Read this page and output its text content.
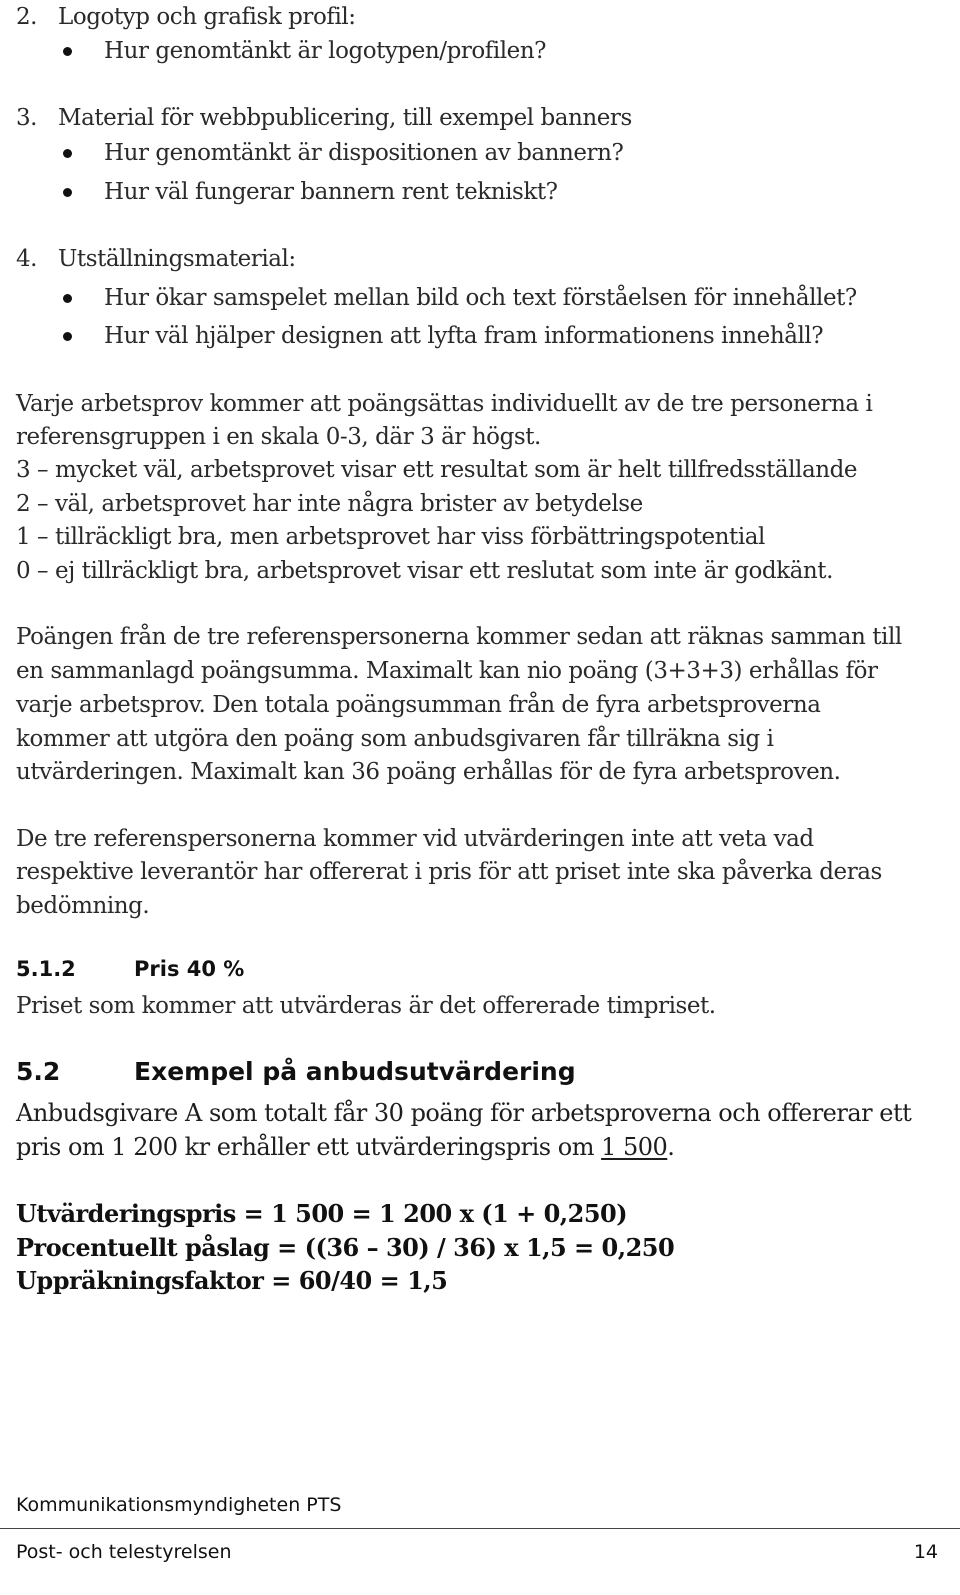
2. Logotyp och grafisk profil:
Hur genomtänkt är logotypen/profilen?
3. Material för webbpublicering, till exempel banners
Hur genomtänkt är dispositionen av bannern?
Hur väl fungerar bannern rent tekniskt?
4. Utställningsmaterial:
Hur ökar samspelet mellan bild och text förståelsen för innehållet?
Hur väl hjälper designen att lyfta fram informationens innehåll?
Varje arbetsprov kommer att poängsättas individuellt av de tre personerna i
referensgruppen i en skala 0-3, där 3 är högst.
3 – mycket väl, arbetsprovet visar ett resultat som är helt tillfredsställande
2 – väl, arbetsprovet har inte några brister av betydelse
1 – tillräckligt bra, men arbetsprovet har viss förbättringspotential
0 – ej tillräckligt bra, arbetsprovet visar ett reslutat som inte är godkänt.
Poängen från de tre referenspersonerna kommer sedan att räknas samman till
en sammanlagd poängsumma. Maximalt kan nio poäng (3+3+3) erhållas för
varje arbetsprov. Den totala poängsumman från de fyra arbetsproverna
kommer att utgöra den poäng som anbudsgivaren får tillräkna sig i
utvärderingen. Maximalt kan 36 poäng erhållas för de fyra arbetsproven.
De tre referenspersonerna kommer vid utvärderingen inte att veta vad
respektive leverantör har offererat i pris för att priset inte ska påverka deras
bedömning.
5.1.2	Pris 40 %
Priset som kommer att utvärderas är det offererade timpriset.
5.2	Exempel på anbudsutvärdering
Anbudsgivare A som totalt får 30 poäng för arbetsproverna och offererar ett
pris om 1 200 kr erhåller ett utvärderingspris om 1 500.
Utvärderingspris = 1 500 = 1 200 x (1 + 0,250)
Procentuellt påslag = ((36 – 30) / 36) x 1,5 = 0,250
Uppräkningsfaktor = 60/40 = 1,5
Kommunikationsmyndigheten PTS
Post- och telestyrelsen	14
